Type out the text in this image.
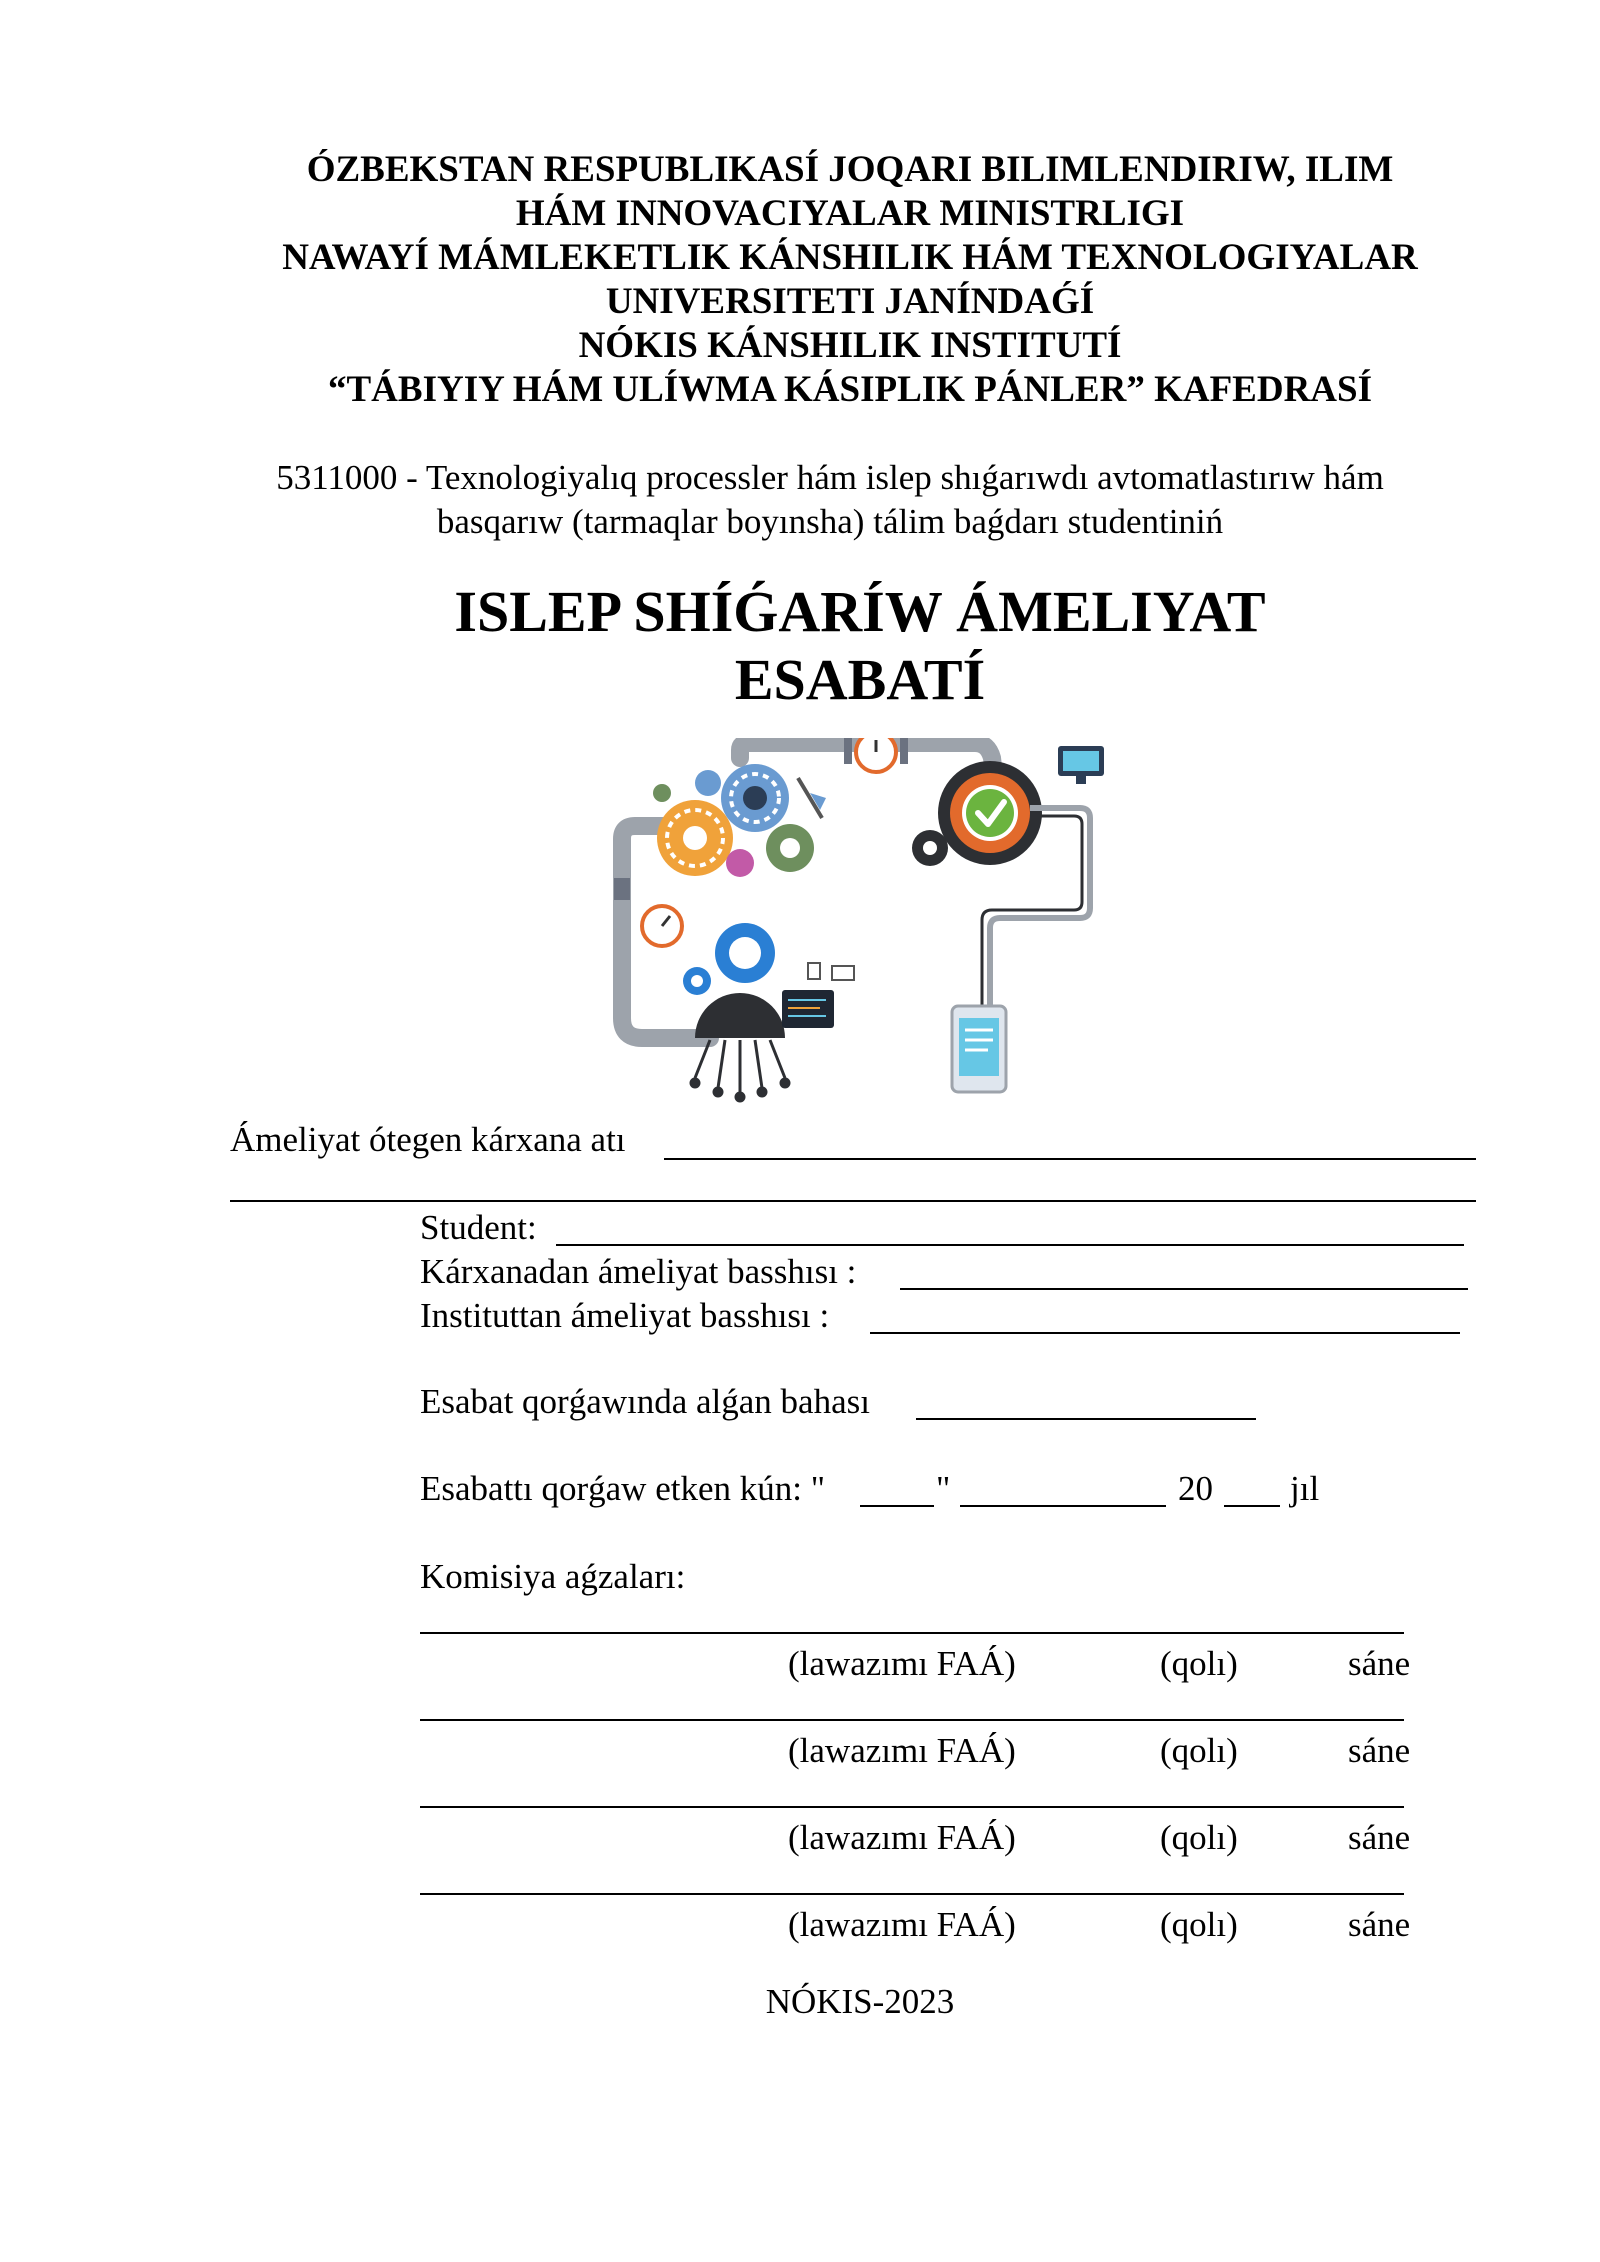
ÓZBEKSTAN RESPUBLIKASÍ JOQARI BILIMLENDIRIW, ILIM
HÁM INNOVACIYALAR MINISTRLIGI
NAWAYÍ MÁMLEKETLIK KÁNSHILIK HÁM TEXNOLOGIYALAR
UNIVERSITETI JANÍNDAǴÍ
NÓKIS KÁNSHILIK INSTITUTÍ
“TÁBIYIY HÁM ULÍWMA KÁSIPLIK PÁNLER” KAFEDRASÍ
5311000 - Texnologiyalıq processler hám islep shıǵarıwdı avtomatlastırıw hám
basqarıw (tarmaqlar boyınsha) tálim baǵdarı studentiniń
ISLEP SHÍǴARÍW ÁMELIYAT
ESABATÍ
Ámeliyat ótegen kárxana atı
Student:
Kárxanadan ámeliyat basshısı :
Instituttan ámeliyat basshısı :
Esabat qorǵawında alǵan bahası
Esabattı qorǵaw etken kún: "	"	20 jıl
Komisiya aǵzaları:
(lawazımı FAÁ)	(qolı)	sáne
(lawazımı FAÁ)	(qolı)	sáne
(lawazımı FAÁ)	(qolı)	sáne
(lawazımı FAÁ)	(qolı)	sáne
NÓKIS-2023
